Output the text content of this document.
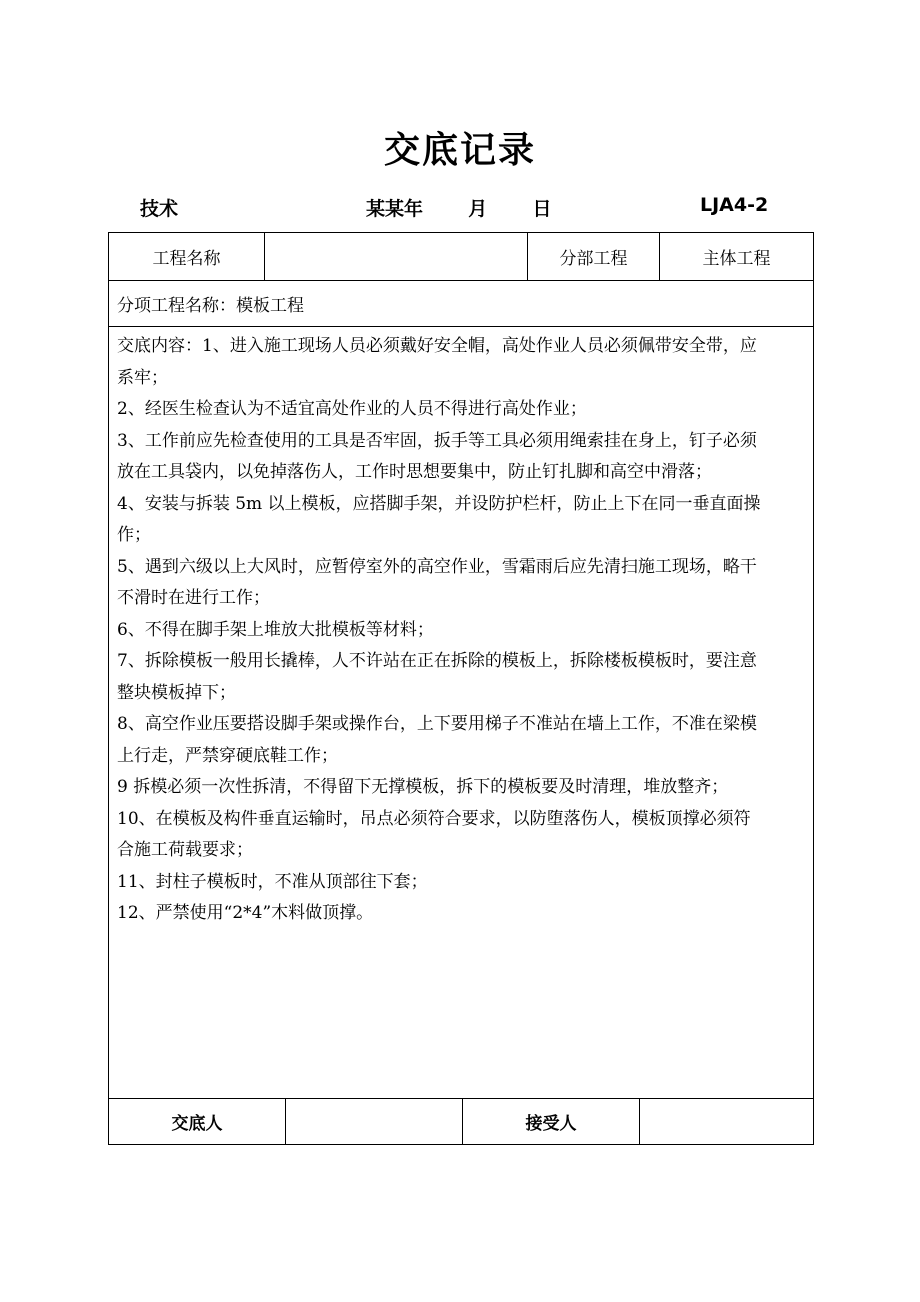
交底记录
技术	某某年 月 日	LJA4-2
工程名称	分部工程	主体工程
分项工程名称：模板工程

交底内容：1、进入施工现场人员必须戴好安全帽，高处作业人员必须佩带安全带，应

系牢；

2、经医生检查认为不适宜高处作业的人员不得进行高处作业；

3、工作前应先检查使用的工具是否牢固，扳手等工具必须用绳索挂在身上，钉子必须

放在工具袋内，以免掉落伤人，工作时思想要集中，防止钉扎脚和高空中滑落；

4、安装与拆装 5m 以上模板，应搭脚手架，并设防护栏杆，防止上下在同一垂直面操

作；

5、遇到六级以上大风时，应暂停室外的高空作业，雪霜雨后应先清扫施工现场，略干

不滑时在进行工作；

6、不得在脚手架上堆放大批模板等材料；

7、拆除模板一般用长撬棒，人不许站在正在拆除的模板上，拆除楼板模板时，要注意

整块模板掉下；

8、高空作业压要搭设脚手架或操作台，上下要用梯子不准站在墙上工作，不准在梁模

上行走，严禁穿硬底鞋工作；

9 拆模必须一次性拆清，不得留下无撑模板，拆下的模板要及时清理，堆放整齐；

10、在模板及构件垂直运输时，吊点必须符合要求，以防堕落伤人，模板顶撑必须符

合施工荷载要求；

11、封柱子模板时，不准从顶部往下套；

12、严禁使用“2*4”木料做顶撑。

交底人	接受人
